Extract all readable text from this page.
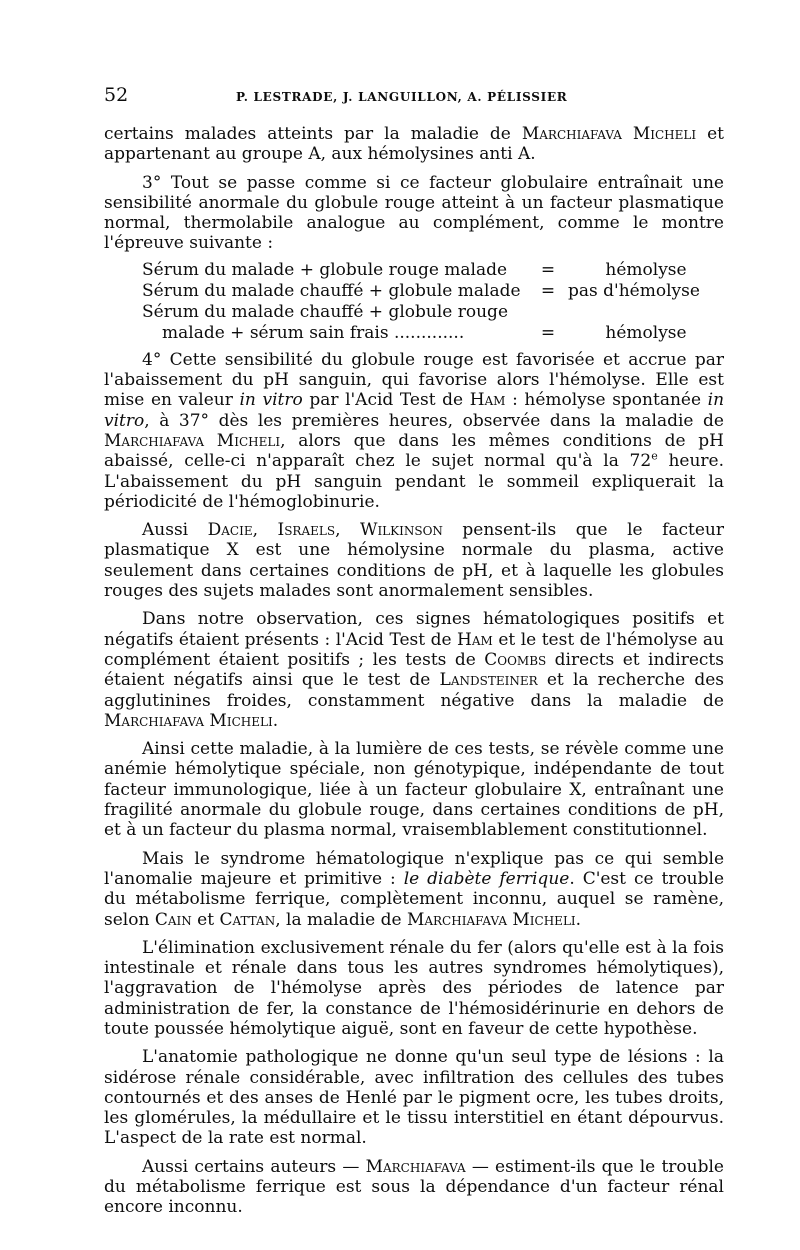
52	P. LESTRADE, J. LANGUILLON, A. PÉLISSIER

certains malades atteints par la maladie de Marchiafava Micheli et appartenant au groupe A, aux hémolysines anti A.

3° Tout se passe comme si ce facteur globulaire entraînait une sensibilité anormale du globule rouge atteint à un facteur plasmatique normal, thermolabile analogue au complément, comme le montre l'épreuve suivante :

Sérum du malade + globule rouge malade	=	hémolyse
Sérum du malade chauffé + globule malade	= pas d'hémolyse
Sérum du malade chauffé + globule rouge
malade + sérum sain frais .............	=	hémolyse

4° Cette sensibilité du globule rouge est favorisée et accrue par l'abaissement du pH sanguin, qui favorise alors l'hémolyse. Elle est mise en valeur in vitro par l'Acid Test de Ham : hémolyse spontanée in vitro, à 37° dès les premières heures, observée dans la maladie de Marchiafava Micheli, alors que dans les mêmes conditions de pH abaissé, celle-ci n'apparaît chez le sujet normal qu'à la 72e heure. L'abaissement du pH sanguin pendant le sommeil expliquerait la périodicité de l'hémoglobinurie.

Aussi Dacie, Israels, Wilkinson pensent-ils que le facteur plasmatique X est une hémolysine normale du plasma, active seulement dans certaines conditions de pH, et à laquelle les globules rouges des sujets malades sont anormalement sensibles.

Dans notre observation, ces signes hématologiques positifs et négatifs étaient présents : l'Acid Test de Ham et le test de l'hémolyse au complément étaient positifs ; les tests de Coombs directs et indirects étaient négatifs ainsi que le test de Landsteiner et la recherche des agglutinines froides, constamment négative dans la maladie de Marchiafava Micheli.

Ainsi cette maladie, à la lumière de ces tests, se révèle comme une anémie hémolytique spéciale, non génotypique, indépendante de tout facteur immunologique, liée à un facteur globulaire X, entraînant une fragilité anormale du globule rouge, dans certaines conditions de pH, et à un facteur du plasma normal, vraisemblablement constitutionnel.

Mais le syndrome hématologique n'explique pas ce qui semble l'anomalie majeure et primitive : le diabète ferrique. C'est ce trouble du métabolisme ferrique, complètement inconnu, auquel se ramène, selon Cain et Cattan, la maladie de Marchiafava Micheli.

L'élimination exclusivement rénale du fer (alors qu'elle est à la fois intestinale et rénale dans tous les autres syndromes hémolytiques), l'aggravation de l'hémolyse après des périodes de latence par administration de fer, la constance de l'hémosidérinurie en dehors de toute poussée hémolytique aiguë, sont en faveur de cette hypothèse.

L'anatomie pathologique ne donne qu'un seul type de lésions : la sidérose rénale considérable, avec infiltration des cellules des tubes contournés et des anses de Henlé par le pigment ocre, les tubes droits, les glomérules, la médullaire et le tissu interstitiel en étant dépourvus. L'aspect de la rate est normal.

Aussi certains auteurs — Marchiafava — estiment-ils que le trouble du métabolisme ferrique est sous la dépendance d'un facteur rénal encore inconnu.
